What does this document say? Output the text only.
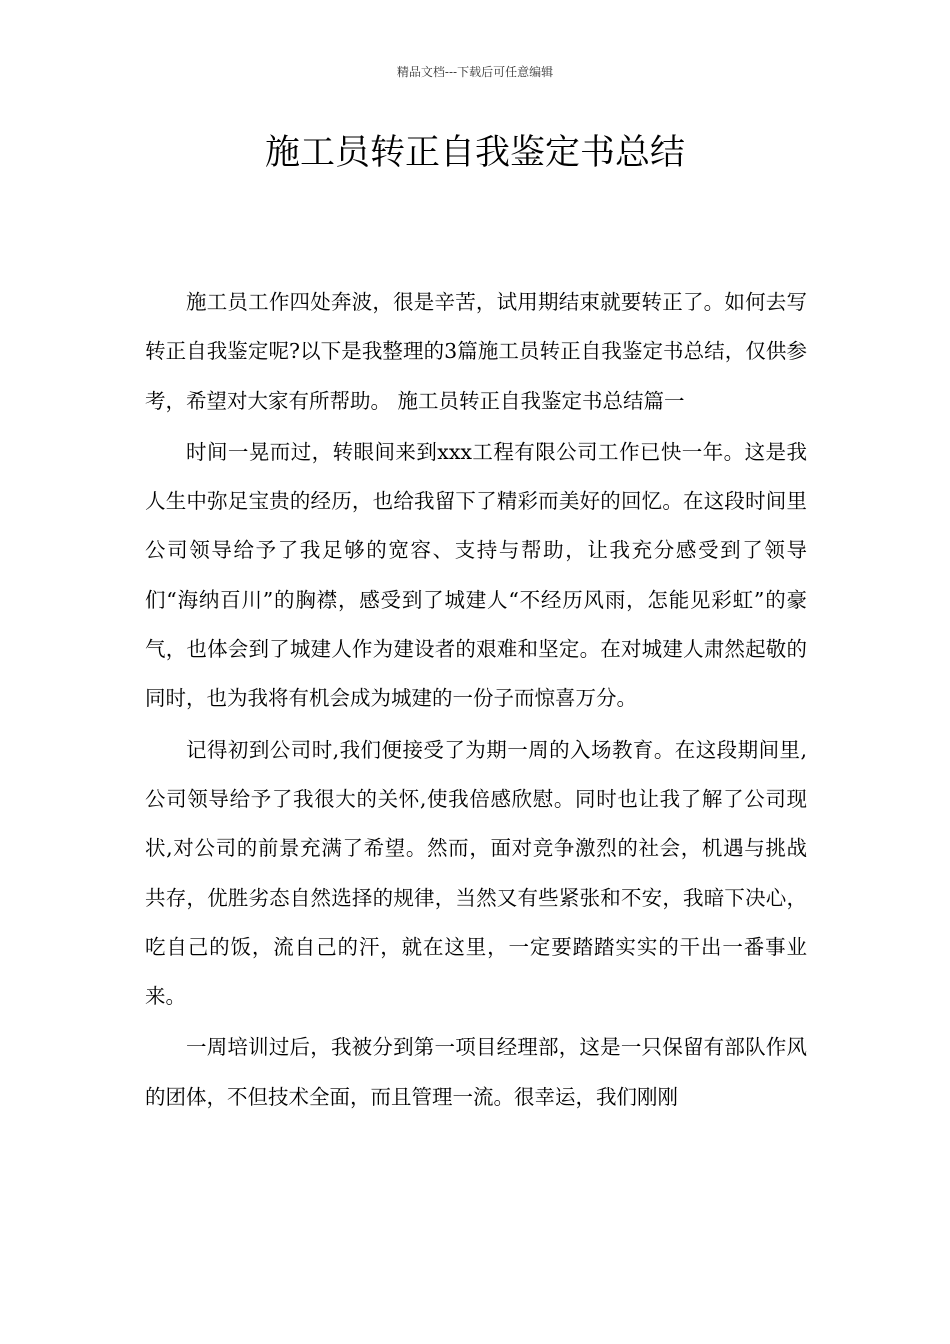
精品文档---下载后可任意编辑
施工员转正自我鉴定书总结

施工员工作四处奔波，很是辛苦，试用期结束就要转正了。如何去写转正自我鉴定呢?以下是我整理的3篇施工员转正自我鉴定书总结，仅供参考，希望对大家有所帮助。 施工员转正自我鉴定书总结篇一

时间一晃而过，转眼间来到xxx工程有限公司工作已快一年。这是我人生中弥足宝贵的经历，也给我留下了精彩而美好的回忆。在这段时间里公司领导给予了我足够的宽容、支持与帮助，让我充分感受到了领导们“海纳百川”的胸襟，感受到了城建人“不经历风雨，怎能见彩虹”的豪气，也体会到了城建人作为建设者的艰难和坚定。在对城建人肃然起敬的同时，也为我将有机会成为城建的一份子而惊喜万分。

记得初到公司时,我们便接受了为期一周的入场教育。在这段期间里,公司领导给予了我很大的关怀,使我倍感欣慰。同时也让我了解了公司现状,对公司的前景充满了希望。然而，面对竞争激烈的社会，机遇与挑战共存，优胜劣态自然选择的规律，当然又有些紧张和不安，我暗下决心，吃自己的饭，流自己的汗，就在这里，一定要踏踏实实的干出一番事业来。

一周培训过后，我被分到第一项目经理部，这是一只保留有部队作风的团体，不但技术全面，而且管理一流。很幸运，我们刚刚
